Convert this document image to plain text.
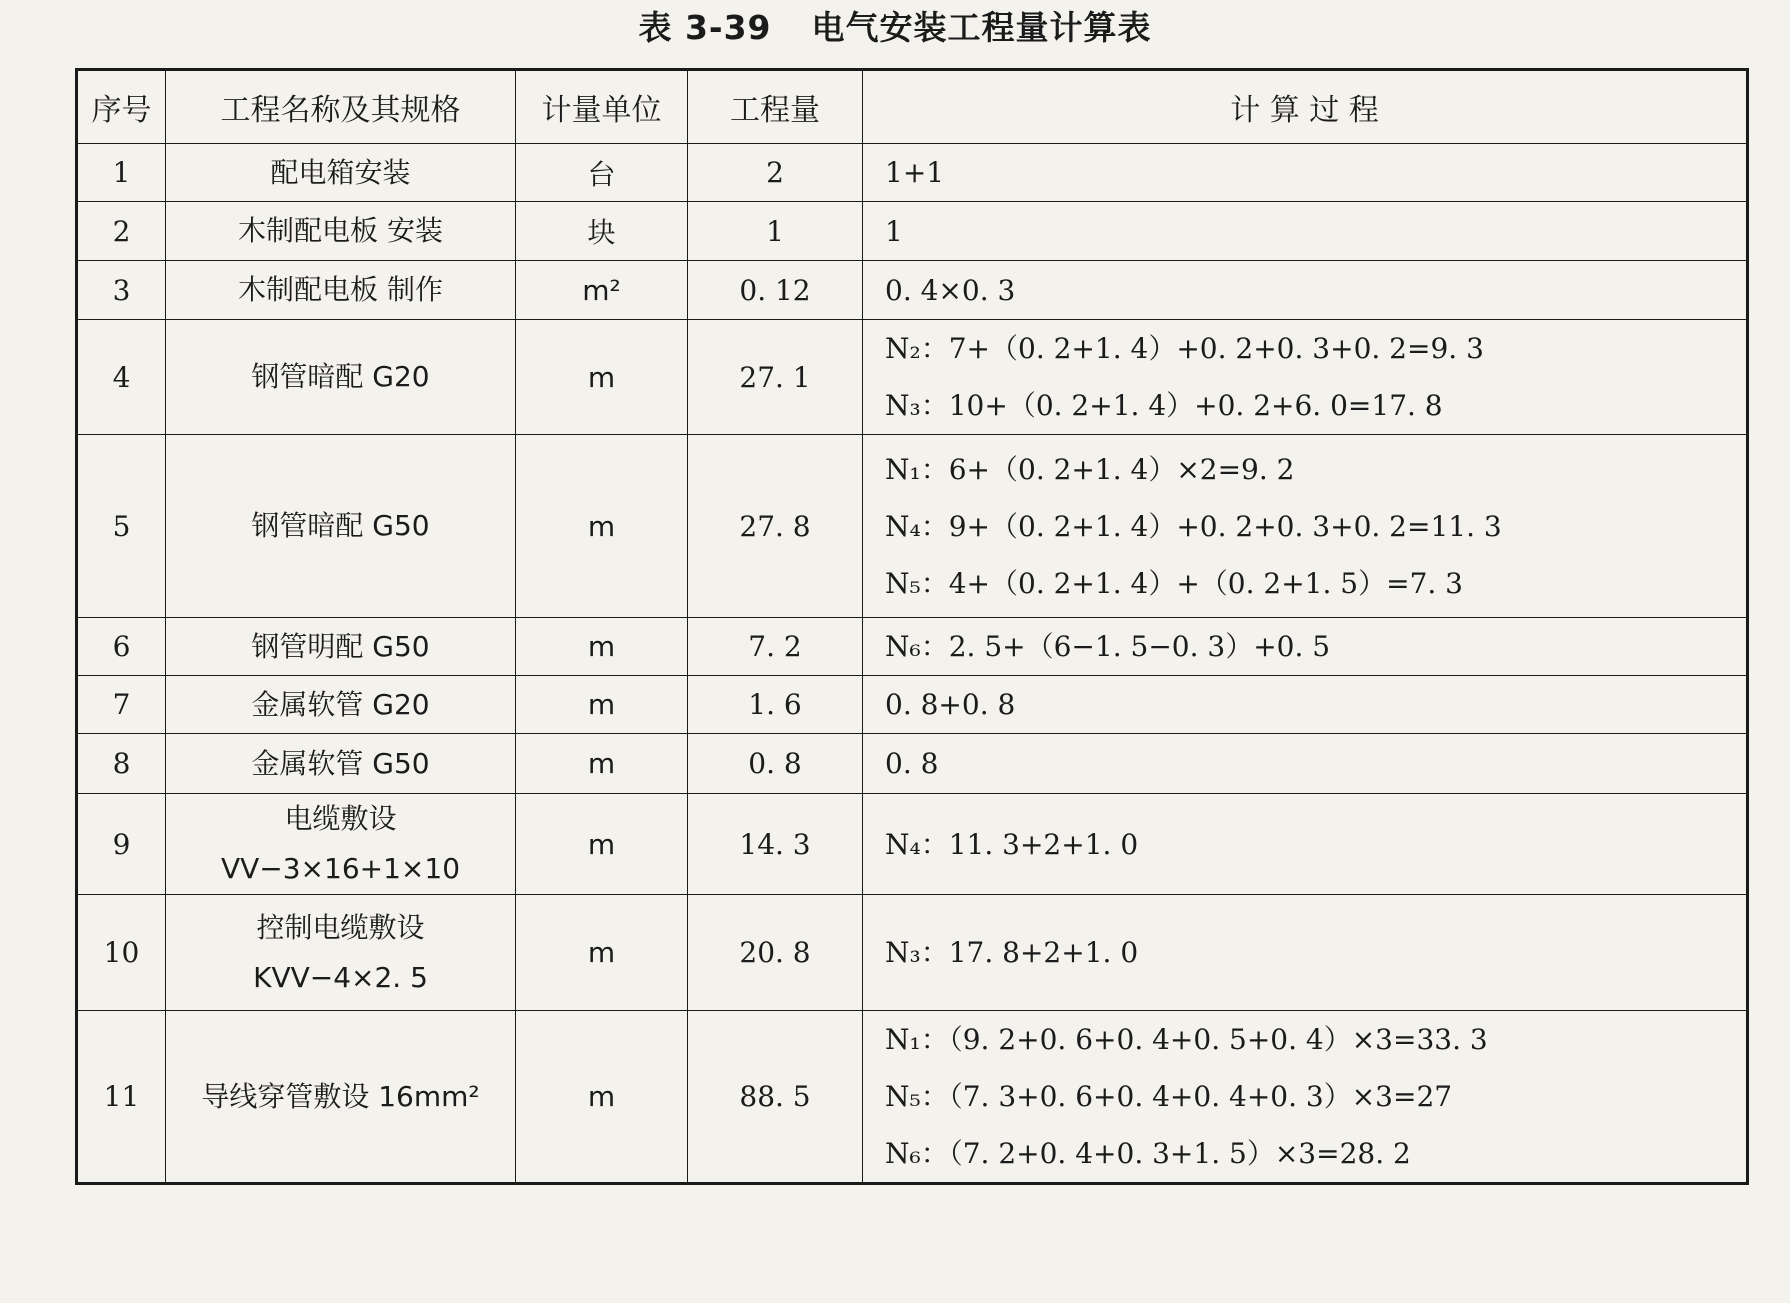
表 3-39 电气安装工程量计算表
序号	工程名称及其规格	计量单位	工程量	计 算 过 程
1	配电箱安装	台	2	1+1

2	木制配电板 安装	块	1	1

3	木制配电板 制作	m²	0. 12	0. 4×0. 3

4	钢管暗配 G20	m	27. 1	N₂：7+（0. 2+1. 4）+0. 2+0. 3+0. 2=9. 3
N₃：10+（0. 2+1. 4）+0. 2+6. 0=17. 8

5	钢管暗配 G50	m	27. 8	N₁：6+（0. 2+1. 4）×2=9. 2
N₄：9+（0. 2+1. 4）+0. 2+0. 3+0. 2=11. 3
N₅：4+（0. 2+1. 4）+（0. 2+1. 5）=7. 3

6	钢管明配 G50	m	7. 2	N₆：2. 5+（6−1. 5−0. 3）+0. 5

7	金属软管 G20	m	1. 6	0. 8+0. 8

8	金属软管 G50	m	0. 8	0. 8

9	电缆敷设
VV−3×16+1×10	m	14. 3	N₄：11. 3+2+1. 0

10	控制电缆敷设
KVV−4×2. 5	m	20. 8	N₃：17. 8+2+1. 0

11	导线穿管敷设 16mm²	m	88. 5	N₁：（9. 2+0. 6+0. 4+0. 5+0. 4）×3=33. 3
N₅：（7. 3+0. 6+0. 4+0. 4+0. 3）×3=27
N₆：（7. 2+0. 4+0. 3+1. 5）×3=28. 2
